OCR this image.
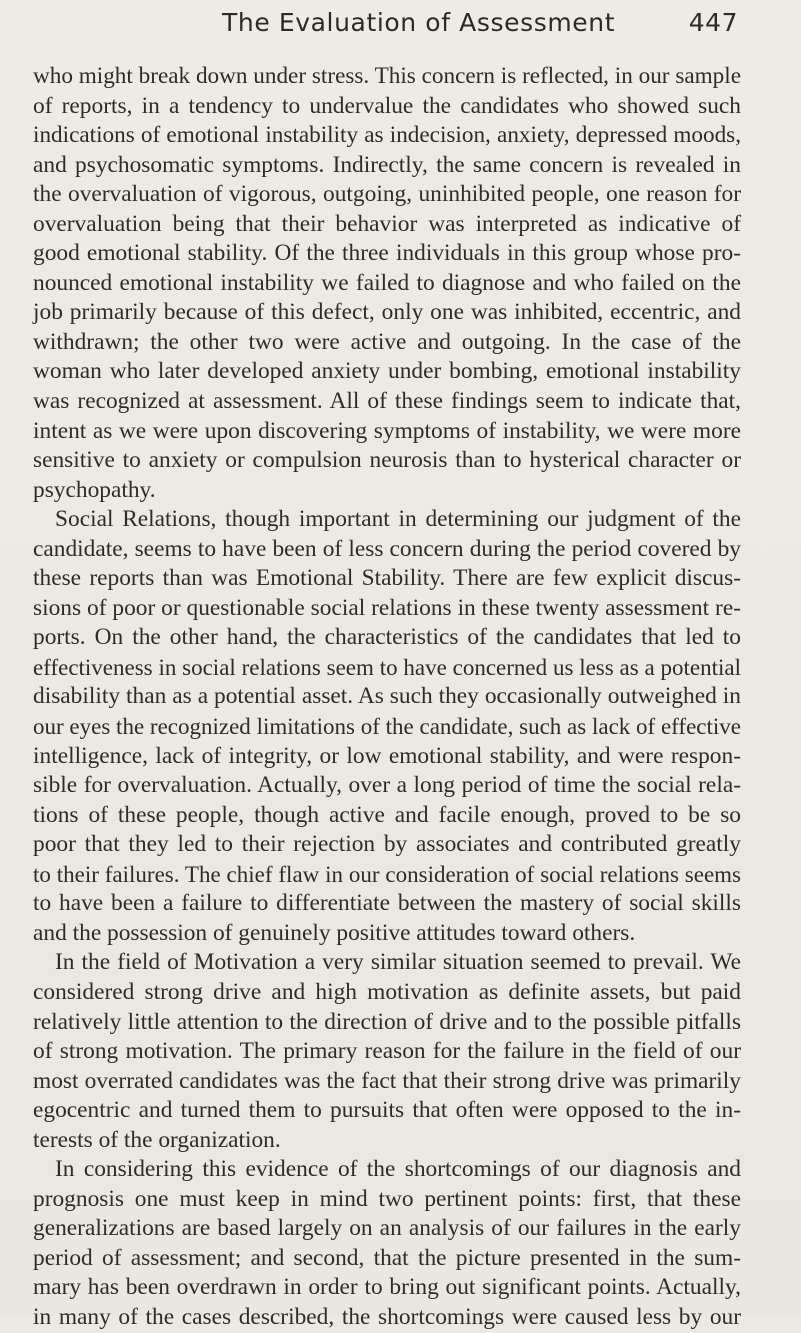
The Evaluation of Assessment	447
who might break down under stress. This concern is reflected, in our sample
of reports, in a tendency to undervalue the candidates who showed such
indications of emotional instability as indecision, anxiety, depressed moods,
and psychosomatic symptoms. Indirectly, the same concern is revealed in
the overvaluation of vigorous, outgoing, uninhibited people, one reason for
overvaluation being that their behavior was interpreted as indicative of
good emotional stability. Of the three individuals in this group whose pro-
nounced emotional instability we failed to diagnose and who failed on the
job primarily because of this defect, only one was inhibited, eccentric, and
withdrawn; the other two were active and outgoing. In the case of the
woman who later developed anxiety under bombing, emotional instability
was recognized at assessment. All of these findings seem to indicate that,
intent as we were upon discovering symptoms of instability, we were more
sensitive to anxiety or compulsion neurosis than to hysterical character or
psychopathy.
Social Relations, though important in determining our judgment of the
candidate, seems to have been of less concern during the period covered by
these reports than was Emotional Stability. There are few explicit discus-
sions of poor or questionable social relations in these twenty assessment re-
ports. On the other hand, the characteristics of the candidates that led to
effectiveness in social relations seem to have concerned us less as a potential
disability than as a potential asset. As such they occasionally outweighed in
our eyes the recognized limitations of the candidate, such as lack of effective
intelligence, lack of integrity, or low emotional stability, and were respon-
sible for overvaluation. Actually, over a long period of time the social rela-
tions of these people, though active and facile enough, proved to be so
poor that they led to their rejection by associates and contributed greatly
to their failures. The chief flaw in our consideration of social relations seems
to have been a failure to differentiate between the mastery of social skills
and the possession of genuinely positive attitudes toward others.
In the field of Motivation a very similar situation seemed to prevail. We
considered strong drive and high motivation as definite assets, but paid
relatively little attention to the direction of drive and to the possible pitfalls
of strong motivation. The primary reason for the failure in the field of our
most overrated candidates was the fact that their strong drive was primarily
egocentric and turned them to pursuits that often were opposed to the in-
terests of the organization.
In considering this evidence of the shortcomings of our diagnosis and
prognosis one must keep in mind two pertinent points: first, that these
generalizations are based largely on an analysis of our failures in the early
period of assessment; and second, that the picture presented in the sum-
mary has been overdrawn in order to bring out significant points. Actually,
in many of the cases described, the shortcomings were caused less by our
